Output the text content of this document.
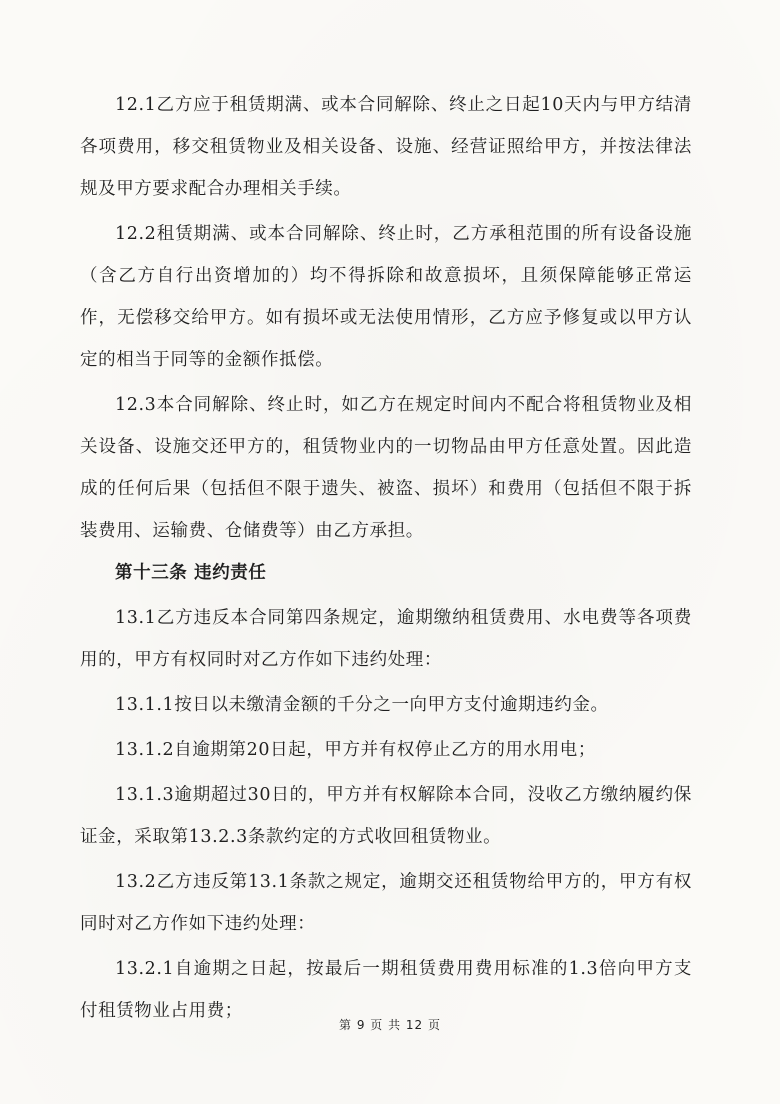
12.1乙方应于租赁期满、或本合同解除、终止之日起10天内与甲方结清各项费用，移交租赁物业及相关设备、设施、经营证照给甲方，并按法律法规及甲方要求配合办理相关手续。

12.2租赁期满、或本合同解除、终止时，乙方承租范围的所有设备设施（含乙方自行出资增加的）均不得拆除和故意损坏，且须保障能够正常运作，无偿移交给甲方。如有损坏或无法使用情形，乙方应予修复或以甲方认定的相当于同等的金额作抵偿。

12.3本合同解除、终止时，如乙方在规定时间内不配合将租赁物业及相关设备、设施交还甲方的，租赁物业内的一切物品由甲方任意处置。因此造成的任何后果（包括但不限于遗失、被盗、损坏）和费用（包括但不限于拆装费用、运输费、仓储费等）由乙方承担。

第十三条 违约责任

13.1乙方违反本合同第四条规定，逾期缴纳租赁费用、水电费等各项费用的，甲方有权同时对乙方作如下违约处理：

13.1.1按日以未缴清金额的千分之一向甲方支付逾期违约金。

13.1.2自逾期第20日起，甲方并有权停止乙方的用水用电；

13.1.3逾期超过30日的，甲方并有权解除本合同，没收乙方缴纳履约保证金，采取第13.2.3条款约定的方式收回租赁物业。

13.2乙方违反第13.1条款之规定，逾期交还租赁物给甲方的，甲方有权同时对乙方作如下违约处理：

13.2.1自逾期之日起，按最后一期租赁费用费用标准的1.3倍向甲方支付租赁物业占用费；

第 9 页 共 12 页
